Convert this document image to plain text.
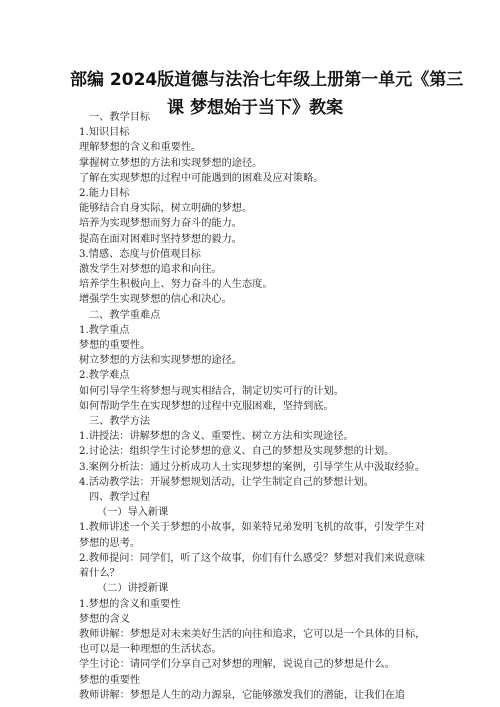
部编 2024版道德与法治七年级上册第一单元《第三
课 梦想始于当下》教案
一、教学目标
1.知识目标
理解梦想的含义和重要性。
掌握树立梦想的方法和实现梦想的途径。
了解在实现梦想的过程中可能遇到的困难及应对策略。
2.能力目标
能够结合自身实际，树立明确的梦想。
培养为实现梦想而努力奋斗的能力。
提高在面对困难时坚持梦想的毅力。
3.情感、态度与价值观目标
激发学生对梦想的追求和向往。
培养学生积极向上、努力奋斗的人生态度。
增强学生实现梦想的信心和决心。
二、教学重难点
1.教学重点
梦想的重要性。
树立梦想的方法和实现梦想的途径。
2.教学难点
如何引导学生将梦想与现实相结合，制定切实可行的计划。
如何帮助学生在实现梦想的过程中克服困难，坚持到底。
三、教学方法
1.讲授法：讲解梦想的含义、重要性、树立方法和实现途径。
2.讨论法：组织学生讨论梦想的意义、自己的梦想及实现梦想的计划。
3.案例分析法：通过分析成功人士实现梦想的案例，引导学生从中汲取经验。
4.活动教学法：开展梦想规划活动，让学生制定自己的梦想计划。
四、教学过程
（一）导入新课
1.教师讲述一个关于梦想的小故事，如莱特兄弟发明飞机的故事，引发学生对梦想的思考。
2.教师提问：同学们，听了这个故事，你们有什么感受？梦想对我们来说意味着什么？
（二）讲授新课
1.梦想的含义和重要性
梦想的含义
教师讲解：梦想是对未来美好生活的向往和追求，它可以是一个具体的目标，也可以是一种理想的生活状态。
学生讨论：请同学们分享自己对梦想的理解，说说自己的梦想是什么。
梦想的重要性
教师讲解：梦想是人生的动力源泉，它能够激发我们的潜能，让我们在追
